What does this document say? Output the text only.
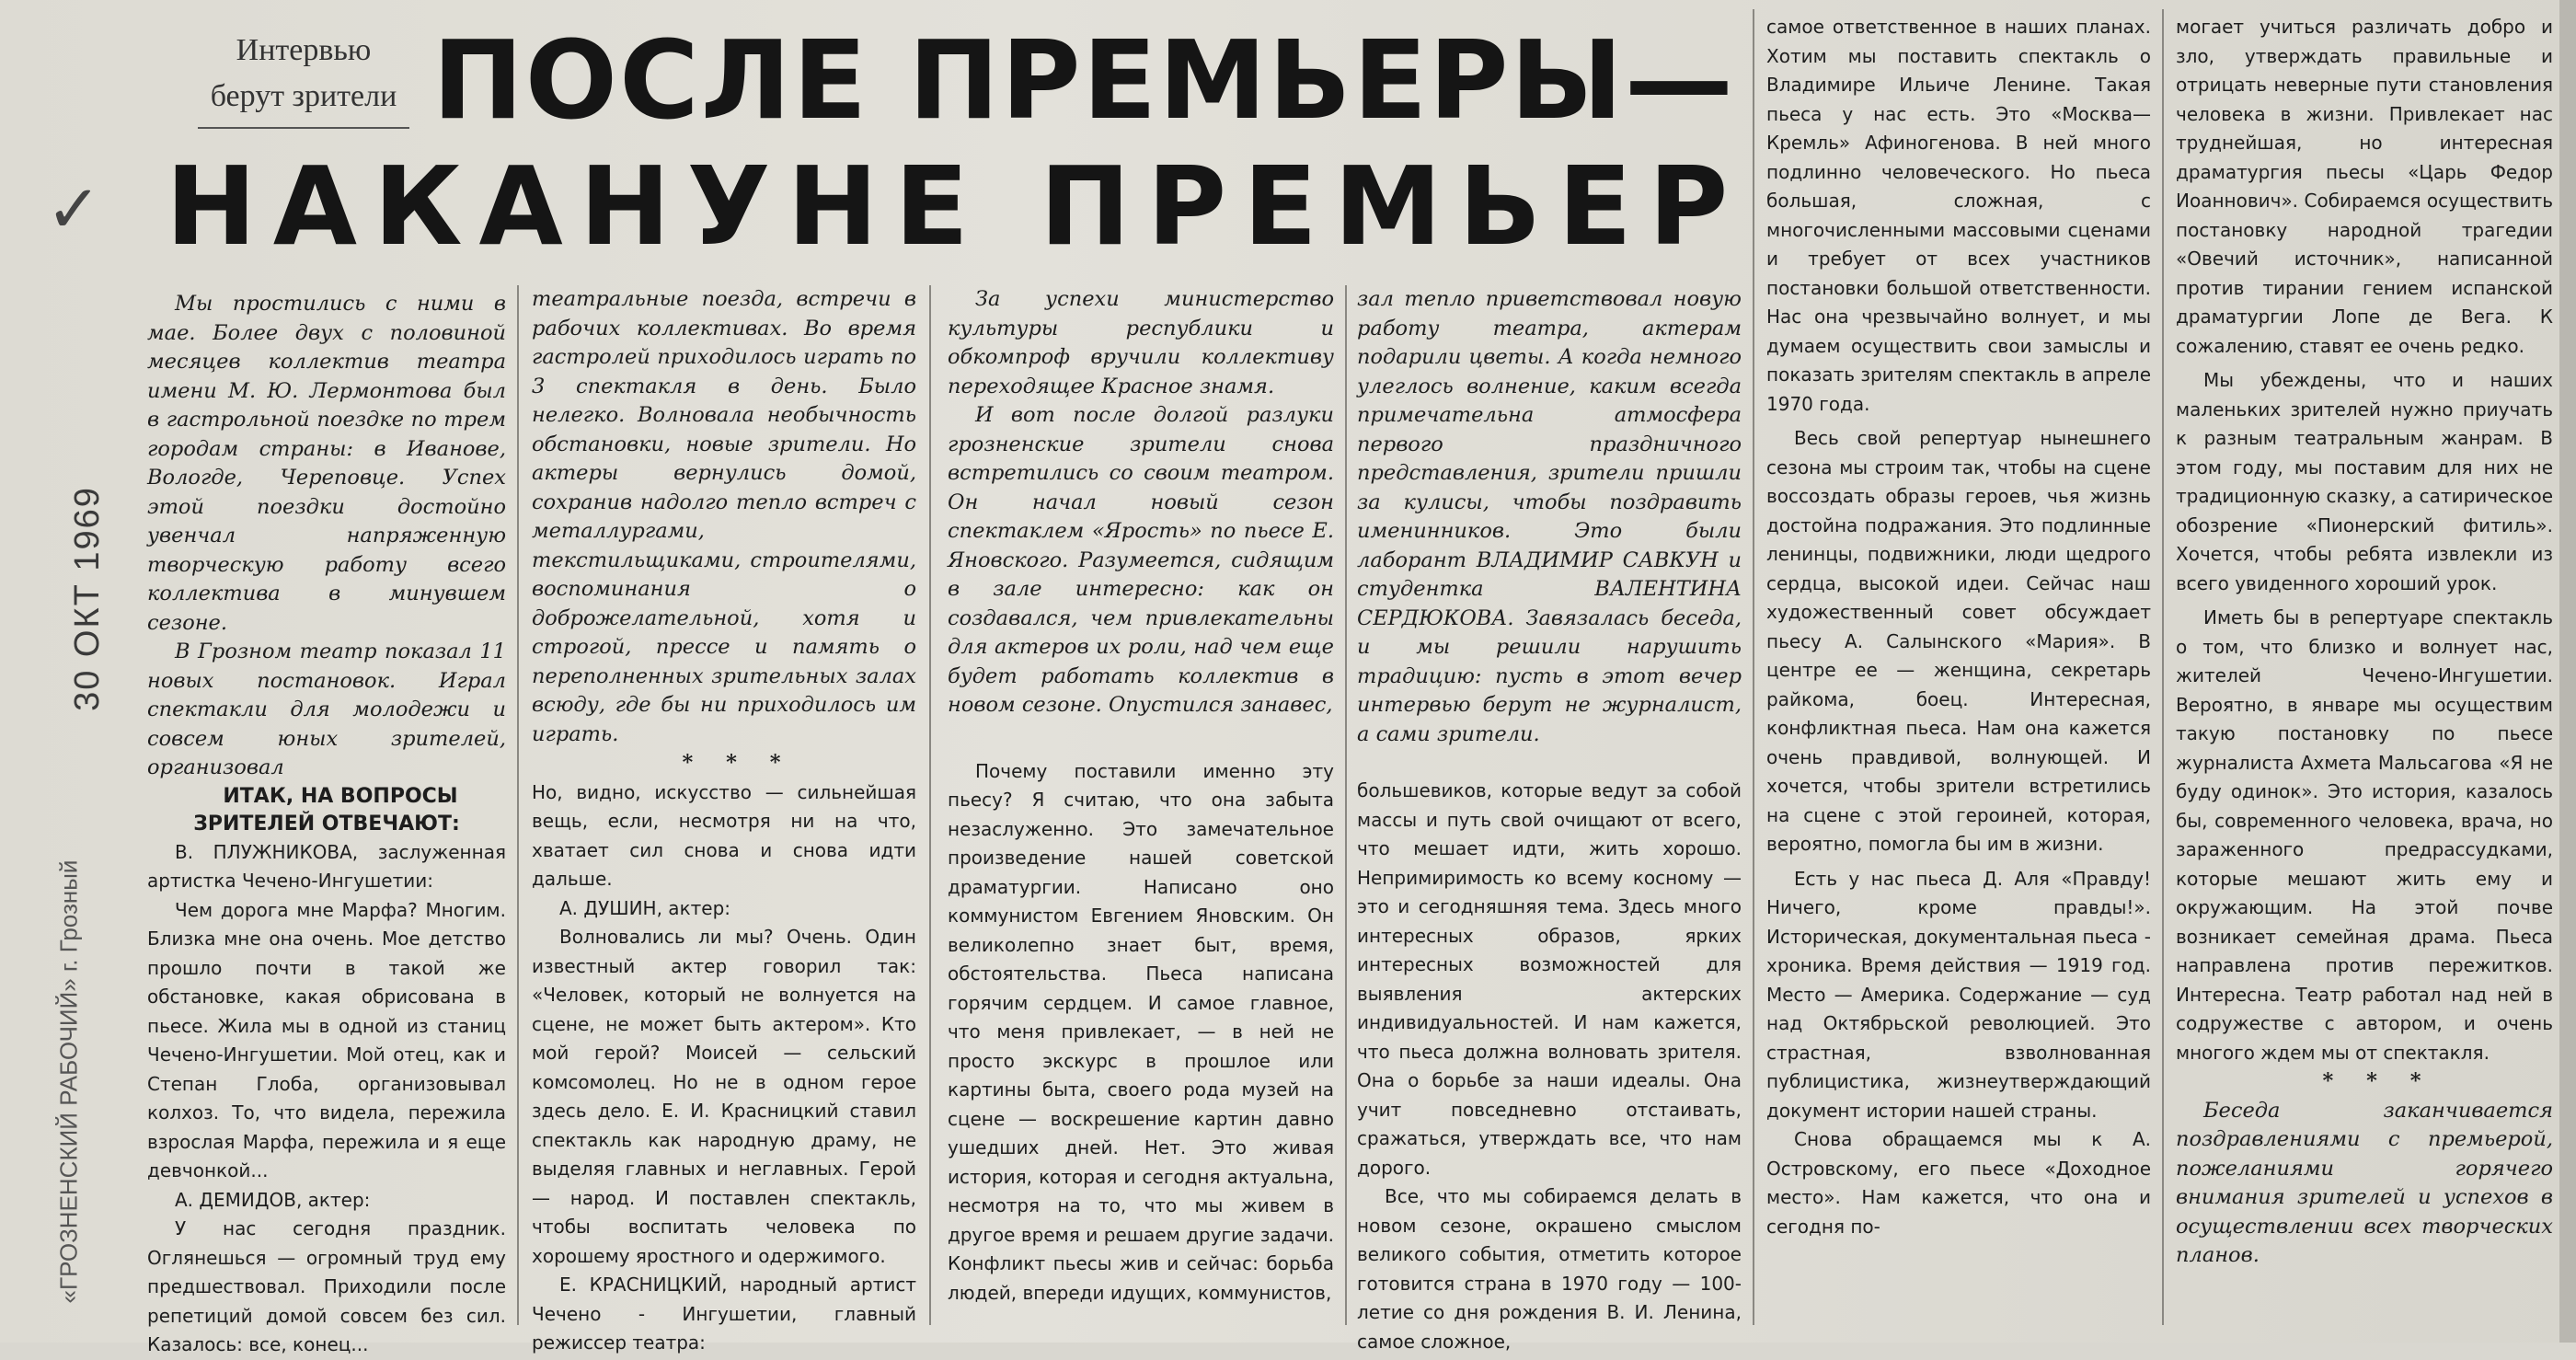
✓
30 ОКТ 1969
«ГРОЗНЕНСКИЙ РАБОЧИЙ» г. Грозный
Интервью
берут зрители ПОСЛЕ ПРЕМЬЕРЫ—
НАКАНУНЕ ПРЕМЬЕР

Мы простились с ними в мае. Более двух с половиной месяцев коллектив театра имени М. Ю. Лермонтова был в гастрольной поездке по трем городам страны: в Иванове, Вологде, Череповце. Успех этой поездки достойно увенчал напряженную творческую работу всего коллектива в минувшем сезоне.

В Грозном театр показал 11 новых постановок. Играл спектакли для молодежи и совсем юных зрителей, организовал

ИТАК, НА ВОПРОСЫ ЗРИТЕЛЕЙ ОТВЕЧАЮТ:

В. ПЛУЖНИКОВА, заслуженная артистка Чечено-Ингушетии:

Чем дорога мне Марфа? Многим. Близка мне она очень. Мое детство прошло почти в такой же обстановке, какая обрисована в пьесе. Жила мы в одной из станиц Чечено-Ингушетии. Мой отец, как и Степан Глоба, организовывал колхоз. То, что видела, пережила взрослая Марфа, пережила и я еще девчонкой...

А. ДЕМИДОВ, актер:

У нас сегодня праздник. Оглянешься — огромный труд ему предшествовал. Приходили после репетиций домой совсем без сил. Казалось: все, конец...

театральные поезда, встречи в рабочих коллективах. Во время гастролей приходилось играть по 3 спектакля в день. Было нелегко. Волновала необычность обстановки, новые зрители. Но актеры вернулись домой, сохранив надолго тепло встреч с металлургами, текстильщиками, строителями, воспоминания о доброжелательной, хотя и строгой, прессе и память о переполненных зрительных залах всюду, где бы ни приходилось им играть.

* * *

Но, видно, искусство — сильнейшая вещь, если, несмотря ни на что, хватает сил снова и снова идти дальше.

А. ДУШИН, актер:

Волновались ли мы? Очень. Один известный актер говорил так: «Человек, который не волнуется на сцене, не может быть актером». Кто мой герой? Моисей — сельский комсомолец. Но не в одном герое здесь дело. Е. И. Красницкий ставил спектакль как народную драму, не выделяя главных и неглавных. Герой — народ. И поставлен спектакль, чтобы воспитать человека по хорошему яростного и одержимого.

Е. КРАСНИЦКИЙ, народный артист Чечено - Ингушетии, главный режиссер театра:

За успехи министерство культуры республики и обкомпроф вручили коллективу переходящее Красное знамя.

И вот после долгой разлуки грозненские зрители снова встретились со своим театром. Он начал новый сезон спектаклем «Ярость» по пьесе Е. Яновского. Разумеется, сидящим в зале интересно: как он создавался, чем привлекательны для актеров их роли, над чем еще будет работать коллектив в новом сезоне. Опустился занавес,

Почему поставили именно эту пьесу? Я считаю, что она забыта незаслуженно. Это замечательное произведение нашей советской драматургии. Написано оно коммунистом Евгением Яновским. Он великолепно знает быт, время, обстоятельства. Пьеса написана горячим сердцем. И самое главное, что меня привлекает, — в ней не просто экскурс в прошлое или картины быта, своего рода музей на сцене — воскрешение картин давно ушедших дней. Нет. Это живая история, которая и сегодня актуальна, несмотря на то, что мы живем в другое время и решаем другие задачи. Конфликт пьесы жив и сейчас: борьба людей, впереди идущих, коммунистов,

зал тепло приветствовал новую работу театра, актерам подарили цветы. А когда немного улеглось волнение, каким всегда примечательна атмосфера первого праздничного представления, зрители пришли за кулисы, чтобы поздравить именинников. Это были лаборант ВЛАДИМИР САВКУН и студентка ВАЛЕНТИНА СЕРДЮКОВА. Завязалась беседа, и мы решили нарушить традицию: пусть в этот вечер интервью берут не журналист, а сами зрители.

большевиков, которые ведут за собой массы и путь свой очищают от всего, что мешает идти, жить хорошо. Непримиримость ко всему косному — это и сегодняшняя тема. Здесь много интересных образов, ярких интересных возможностей для выявления актерских индивидуальностей. И нам кажется, что пьеса должна волновать зрителя. Она о борьбе за наши идеалы. Она учит повседневно отстаивать, сражаться, утверждать все, что нам дорого.

Все, что мы собираемся делать в новом сезоне, окрашено смыслом великого события, отметить которое готовится страна в 1970 году — 100-летие со дня рождения В. И. Ленина, самое сложное,

самое ответственное в наших планах. Хотим мы поставить спектакль о Владимире Ильиче Ленине. Такая пьеса у нас есть. Это «Москва—Кремль» Афиногенова. В ней много подлинно человеческого. Но пьеса большая, сложная, с многочисленными массовыми сценами и требует от всех участников постановки большой ответственности. Нас она чрезвычайно волнует, и мы думаем осуществить свои замыслы и показать зрителям спектакль в апреле 1970 года.

Весь свой репертуар нынешнего сезона мы строим так, чтобы на сцене воссоздать образы героев, чья жизнь достойна подражания. Это подлинные ленинцы, подвижники, люди щедрого сердца, высокой идеи. Сейчас наш художественный совет обсуждает пьесу А. Салынского «Мария». В центре ее — женщина, секретарь райкома, боец. Интересная, конфликтная пьеса. Нам она кажется очень правдивой, волнующей. И хочется, чтобы зрители встретились на сцене с этой героиней, которая, вероятно, помогла бы им в жизни.

Есть у нас пьеса Д. Аля «Правду! Ничего, кроме правды!». Историческая, документальная пьеса - хроника. Время действия — 1919 год. Место — Америка. Содержание — суд над Октябрьской революцией. Это страстная, взволнованная публицистика, жизнеутверждающий документ истории нашей страны.

Снова обращаемся мы к А. Островскому, его пьесе «Доходное место». Нам кажется, что она и сегодня по-

могает учиться различать добро и зло, утверждать правильные и отрицать неверные пути становления человека в жизни. Привлекает нас труднейшая, но интересная драматургия пьесы «Царь Федор Иоаннович». Собираемся осуществить постановку народной трагедии «Овечий источник», написанной против тирании гением испанской драматургии Лопе де Вега. К сожалению, ставят ее очень редко.

Мы убеждены, что и наших маленьких зрителей нужно приучать к разным театральным жанрам. В этом году, мы поставим для них не традиционную сказку, а сатирическое обозрение «Пионерский фитиль». Хочется, чтобы ребята извлекли из всего увиденного хороший урок.

Иметь бы в репертуаре спектакль о том, что близко и волнует нас, жителей Чечено-Ингушетии. Вероятно, в январе мы осуществим такую постановку по пьесе журналиста Ахмета Мальсагова «Я не буду одинок». Это история, казалось бы, современного человека, врача, но зараженного предрассудками, которые мешают жить ему и окружающим. На этой почве возникает семейная драма. Пьеса направлена против пережитков. Интересна. Театр работал над ней в содружестве с автором, и очень многого ждем мы от спектакля.

* * *

Беседа заканчивается поздравлениями с премьерой, пожеланиями горячего внимания зрителей и успехов в осуществлении всех творческих планов.
